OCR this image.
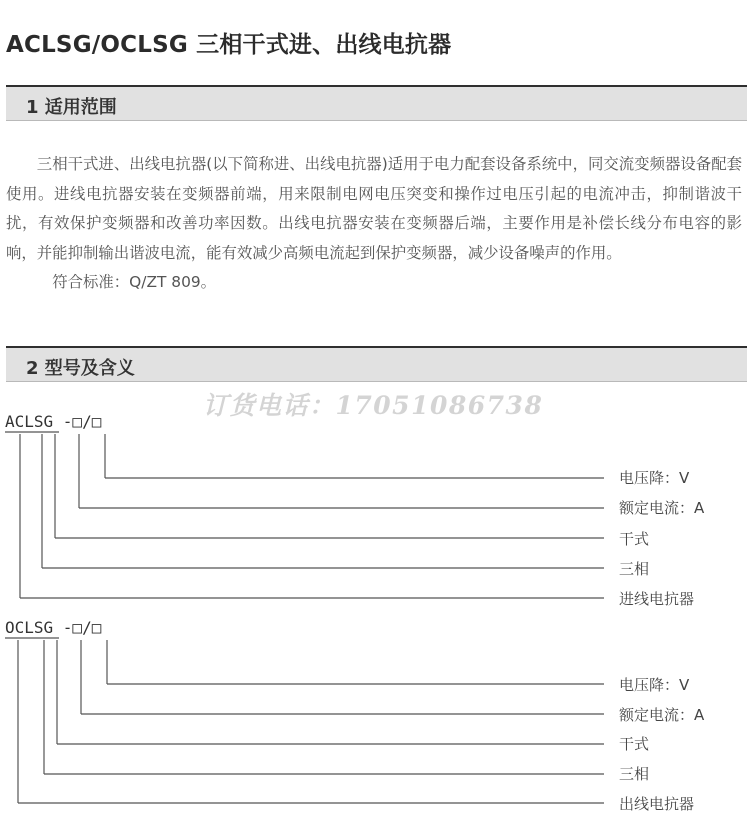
ACLSG/OCLSG 三相干式进、出线电抗器
1 适用范围

三相干式进、出线电抗器(以下简称进、出线电抗器)适用于电力配套设备系统中，同交流变频器设备配套使用。进线电抗器安装在变频器前端，用来限制电网电压突变和操作过电压引起的电流冲击，抑制谐波干扰，有效保护变频器和改善功率因数。出线电抗器安装在变频器后端，主要作用是补偿长线分布电容的影响，并能抑制输出谐波电流，能有效减少高频电流起到保护变频器，减少设备噪声的作用。

符合标准：Q/ZT 809。

2 型号及含义
订货电话：17051086738
ACLSG -□/□
电压降：V
额定电流：A
干式
三相
进线电抗器
OCLSG -□/□
电压降：V
额定电流：A
干式
三相
出线电抗器
